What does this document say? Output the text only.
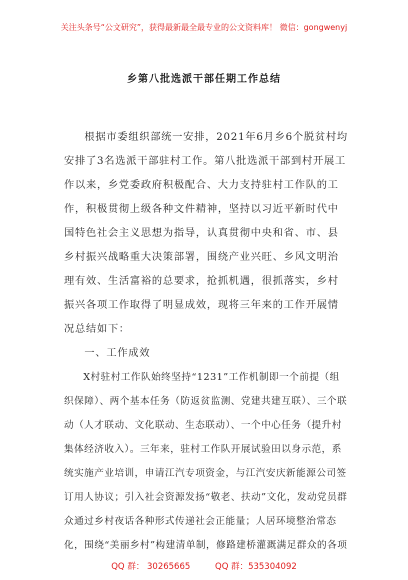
关注头条号“公文研究”，获得最新最全最专业的公文资料库！ 微信：gongwenyj
乡第八批选派干部任期工作总结

根据市委组织部统一安排，2021年6月乡6个脱贫村均安排了3名选派干部驻村工作。第八批选派干部到村开展工作以来，乡党委政府积极配合、大力支持驻村工作队的工作，积极贯彻上级各种文件精神，坚持以习近平新时代中国特色社会主义思想为指导，认真贯彻中央和省、市、县乡村振兴战略重大决策部署，围绕产业兴旺、乡风文明治理有效、生活富裕的总要求，抢抓机遇，很抓落实，乡村振兴各项工作取得了明显成效，现将三年来的工作开展情况总结如下：

一、工作成效

X村驻村工作队始终坚持“1231”工作机制即一个前提（组织保障）、两个基本任务（防返贫监测、党建共建互联）、三个联动（人才联动、文化联动、生态联动）、一个中心任务（提升村集体经济收入）。三年来，驻村工作队开展试验田以身示范，系统实施产业培训，申请江汽专项资金，与江汽安庆新能源公司签订用人协议；引入社会资源发扬“敬老、扶动”文化，发动党员群众通过乡村夜话各种形式传递社会正能量；人居环境整治常态化，围绕“美丽乡村”构建清单制，修路建桥灌溉满足群众的各项

QQ 群： 30265665	QQ 群：535304092
